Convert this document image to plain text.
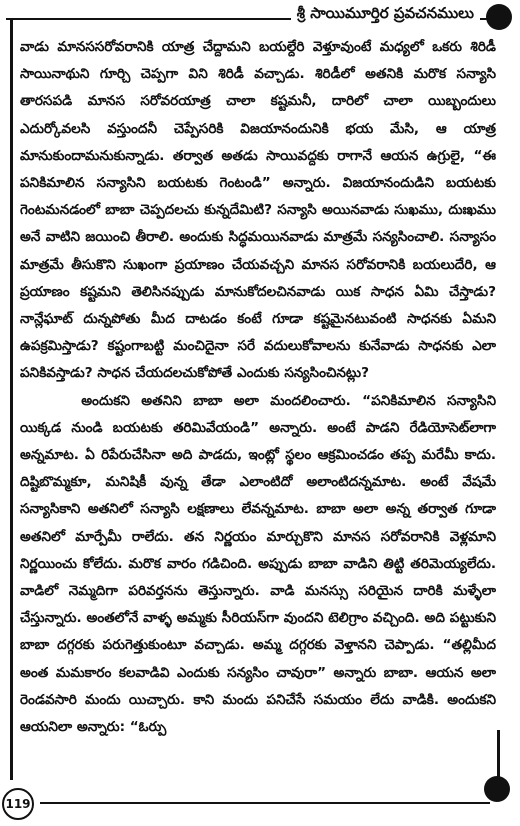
శ్రీ సాయిమూర్తిర ప్రవచనములు

వాడు మానససరోవరానికి యాత్ర చేద్దామని బయల్దేరి వెళ్తూవుంటే మధ్యలో ఒకరు శిరిడీ సాయినాథుని గూర్చి చెప్పగా విని శిరిడీ వచ్చాడు. శిరిడీలో అతనికి మరొక సన్యాసి తారసపడి మానస సరోవరయాత్ర చాలా కష్టమనీ, దారిలో చాలా యిబ్బందులు ఎదుర్కోవలసి వస్తుందనీ చెప్పేసరికి విజయానందునికి భయ మేసి, ఆ యాత్ర మానుకుందామనుకున్నాడు. తర్వాత అతడు సాయివద్దకు రాగానే ఆయన ఉగ్రులై, “ఈ పనికిమాలిన సన్యాసిని బయటకు గెంటండి” అన్నారు. విజయానందుడిని బయటకు గెంటమనడంలో బాబా చెప్పదలచు కున్నదేమిటి? సన్యాసి అయినవాడు సుఖము, దుఃఖము అనే వాటిని జయించి తీరాలి. అందుకు సిద్ధమయినవాడు మాత్రమే సన్యసించాలి. సన్యాసం మాత్రమే తీసుకొని సుఖంగా ప్రయాణం చేయవచ్చని మానస సరోవరానికి బయలుదేరి, ఆ ప్రయాణం కష్టమని తెలిసినప్పుడు మానుకోదలచినవాడు యిక సాధన ఏమి చేస్తాడు? నాన్లేఘాట్ దున్నపోతు మీద దాటడం కంటే గూడా కష్టమైనటువంటి సాధనకు ఏమని ఉపక్రమిస్తాడు? కష్టంగాబట్టి మంచిదైనా సరే వదులుకోవాలను కునేవాడు సాధనకు ఎలా పనికివస్తాడు? సాధన చేయదలచుకోపోతే ఎందుకు సన్యసించినట్లు?

అందుకని అతనిని బాబా అలా మందలించారు. “పనికిమాలిన సన్యాసిని యిక్కడ నుండి బయటకు తరిమివేయండి” అన్నారు. అంటే పాడని రేడియోసెట్‌లాగా అన్నమాట. ఏ రిపేరుచేసినా అది పాడదు, ఇంట్లో స్థలం ఆక్రమించడం తప్ప మరేమీ కాదు. దిష్టిబొమ్మకూ, మనిషికీ వున్న తేడా ఎలాంటిదో అలాంటిదన్నమాట. అంటే వేషమే సన్యాసికాని అతనిలో సన్యాసి లక్షణాలు లేవన్నమాట. బాబా అలా అన్న తర్వాత గూడా అతనిలో మార్పేమీ రాలేదు. తన నిర్ణయం మార్చుకొని మానస సరోవరానికి వెళ్లమాని నిర్ణయించు కోలేదు. మరొక వారం గడిచింది. అప్పుడు బాబా వాడిని తిట్టి తరిమెయ్యలేదు. వాడిలో నెమ్మదిగా పరివర్తనను తెస్తున్నారు. వాడి మనస్సు సరియైన దారికి మళ్ళేలా చేస్తున్నారు. అంతలోనే వాళ్ళ అమ్మకు సీరియస్‌గా వుందని టెలిగ్రాం వచ్చింది. అది పట్టుకుని బాబా దగ్గరకు పరుగెత్తుకుంటూ వచ్చాడు. అమ్మ దగ్గరకు వెళ్తానని చెప్పాడు. “తల్లిమీద అంత మమకారం కలవాడివి ఎందుకు సన్యసిం చావురా” అన్నారు బాబా. ఆయన అలా రెండవసారి మందు యిచ్చారు. కాని మందు పనిచేసే సమయం లేదు వాడికి. అందుకని ఆయనిలా అన్నారు: “ఓర్పు

119
